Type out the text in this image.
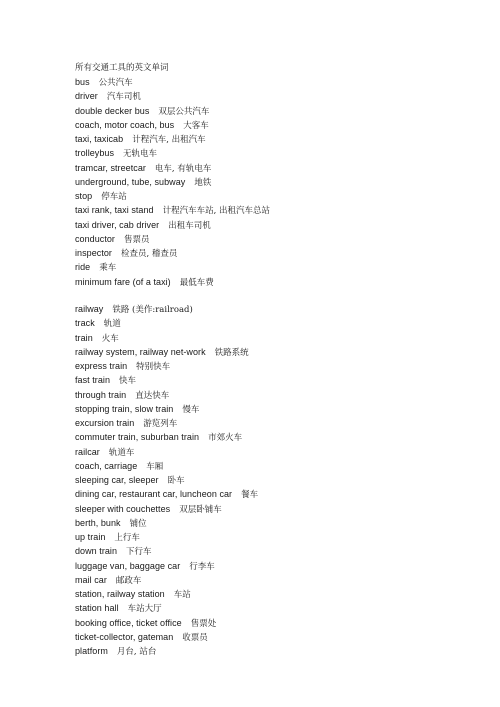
所有交通工具的英文单词
bus 公共汽车
driver 汽车司机
double decker bus 双层公共汽车
coach, motor coach, bus 大客车
taxi, taxicab 计程汽车, 出租汽车
trolleybus 无轨电车
tramcar, streetcar 电车, 有轨电车
underground, tube, subway 地铁
stop 停车站
taxi rank, taxi stand 计程汽车车站, 出租汽车总站
taxi driver, cab driver 出租车司机
conductor 售票员
inspector 检查员, 稽查员
ride 乘车
minimum fare (of a taxi) 最低车费
railway 铁路 (美作:railroad)
track 轨道
train 火车
railway system, railway net-work 铁路系统
express train 特别快车
fast train 快车
through train 直达快车
stopping train, slow train 慢车
excursion train 游览列车
commuter train, suburban train 市郊火车
railcar 轨道车
coach, carriage 车厢
sleeping car, sleeper 卧车
dining car, restaurant car, luncheon car 餐车
sleeper with couchettes 双层卧铺车
berth, bunk 铺位
up train 上行车
down train 下行车
luggage van, baggage car 行李车
mail car 邮政车
station, railway station 车站
station hall 车站大厅
booking office, ticket office 售票处
ticket-collector, gateman 收票员
platform 月台, 站台
